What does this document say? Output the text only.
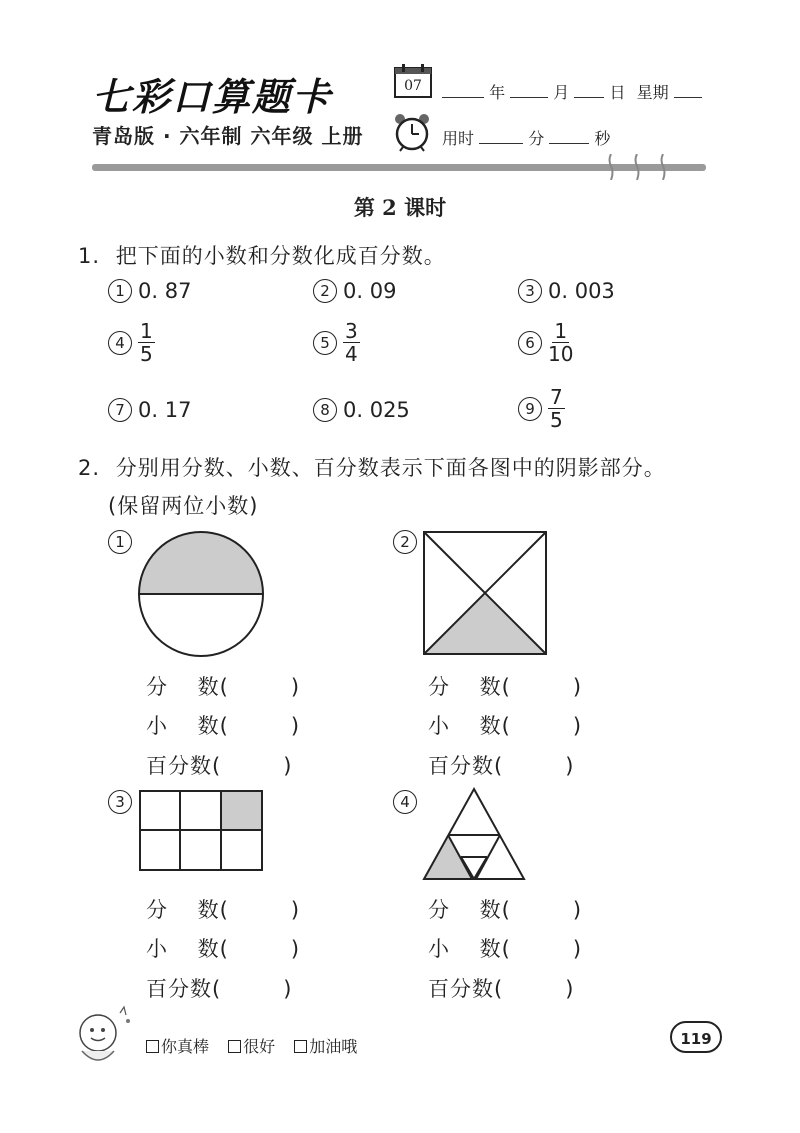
七彩口算题卡
青岛版 · 六年制 六年级 上册
07	年	月	日 星期
用时	分	秒
第 2 课时
1. 把下面的小数和分数化成百分数。
1 0. 87	2 0. 09	3 0. 003
$4 \frac{1}{5}$	$5 \frac{3}{4}$	$6 \frac{1}{10}$
7 0. 17	8 0. 025	$9 \frac{7}{5}$
2. 分别用分数、小数、百分数表示下面各图中的阴影部分。
(保留两位小数)
1	2
分　 数(	)
小　 数(	)
百分数(	)
分　 数(	)
小　 数(	)
百分数(	)
3	4
分　 数(	)
小　 数(	)
百分数(	)
分　 数(	)
小　 数(	)
百分数(	)
你真棒 很好 加油哦	119
